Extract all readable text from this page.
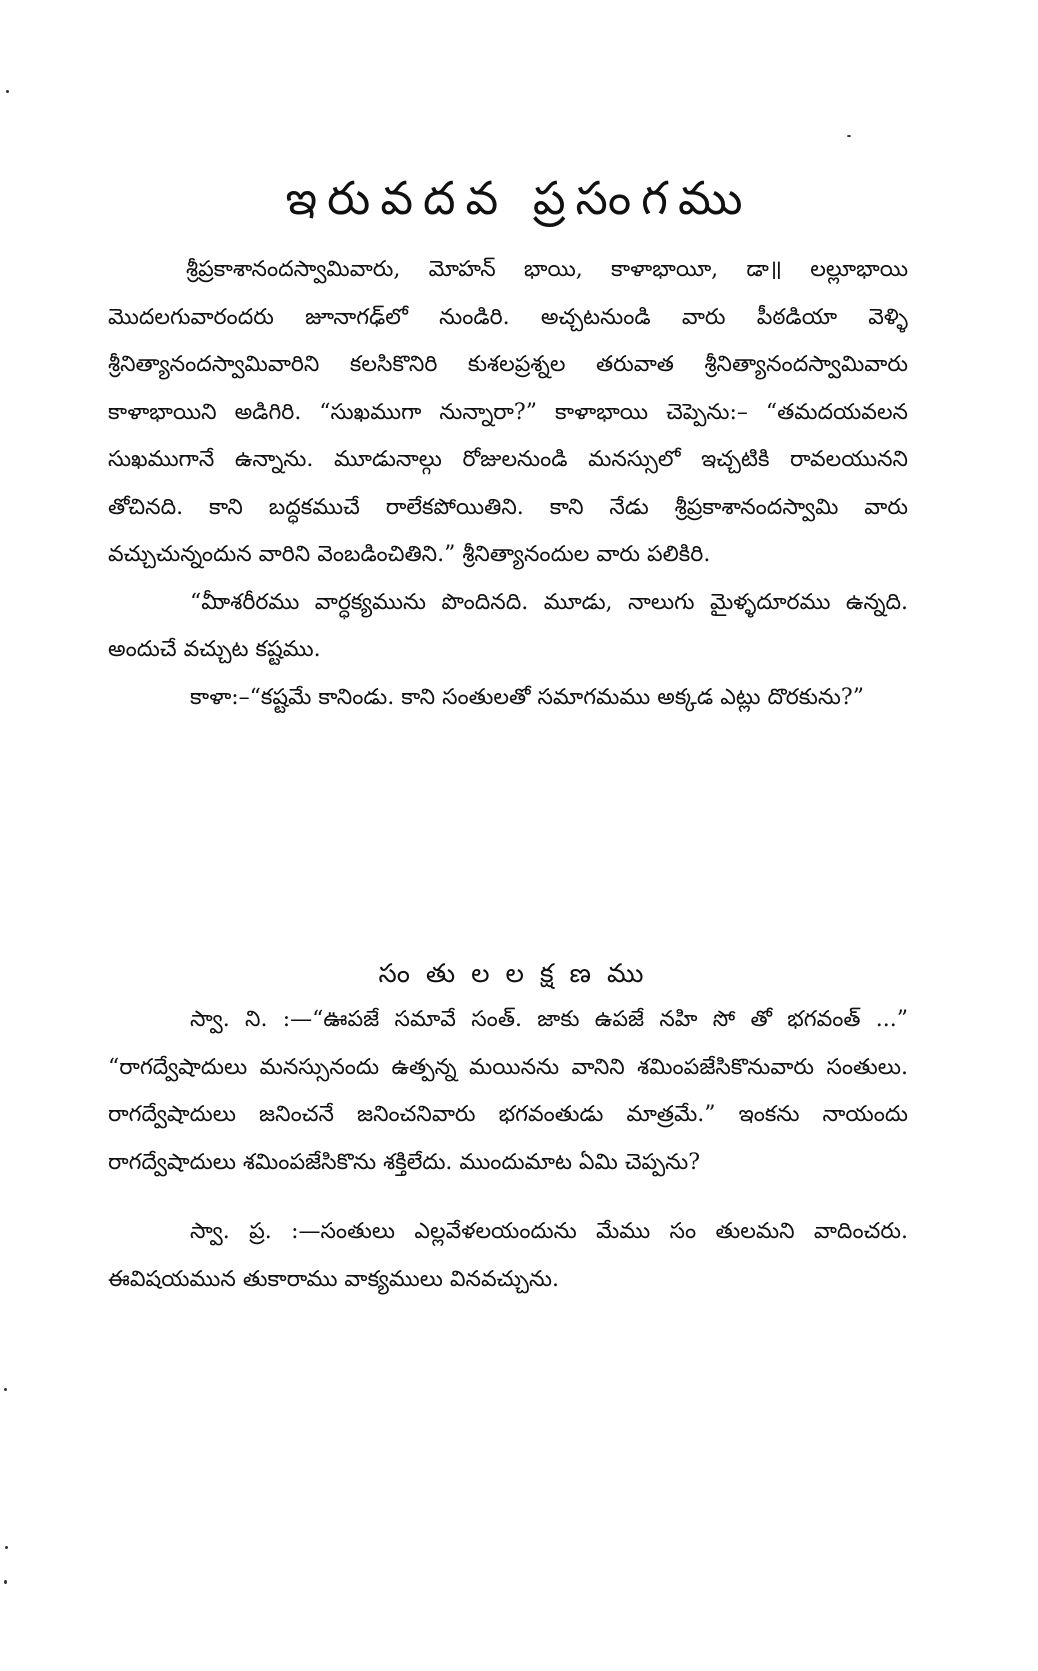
ఇరువదవ ప్రసంగము

శ్రీప్రకాశానందస్వామివారు, మోహన్ భాయి, కాళాభాయీ, డా॥ లల్లూభాయి మొదలగువారందరు జూనాగఢ్‌లో నుండిరి. అచ్చటనుండి వారు పీఠడియా వెళ్ళి శ్రీనిత్యానందస్వామివారిని కలసికొనిరి కుశలప్రశ్నల తరువాత శ్రీనిత్యానందస్వామివారు కాళాభాయిని అడిగిరి. “సుఖముగా నున్నారా?” కాళాభాయి చెప్పెను:– “తమదయవలన సుఖముగానే ఉన్నాను. మూడునాల్గు రోజులనుండి మనస్సులో ఇచ్చటికి రావలయునని తోచినది. కాని బద్ధకముచే రాలేకపోయితిని. కాని నేడు శ్రీప్రకాశానందస్వామి వారు వచ్చుచున్నందున వారిని వెంబడించితిని.” శ్రీనిత్యానందుల వారు పలికిరి.

“మీాశరీరము వార్ధక్యమును పొందినది. మూడు, నాలుగు మైళ్ళదూరము ఉన్నది. అందుచే వచ్చుట కష్టము.

కాళా:–“కష్టమే కానిండు. కాని సంతులతో సమాగమము అక్కడ ఎట్లు దొరకును?”

సంతులలక్షణము

స్వా. ని. :—“ఊపజే సమావే సంత్. జాకు ఉపజే నహి సో తో భగవంత్ ...” “రాగద్వేషాదులు మనస్సునందు ఉత్పన్న మయినను వానిని శమింపజేసికొనువారు సంతులు. రాగద్వేషాదులు జనించనే జనించనివారు భగవంతుడు మాత్రమే.” ఇంకను నాయందు రాగద్వేషాదులు శమింపజేసికొను శక్తిలేదు. ముందుమాట ఏమి చెప్పను?

స్వా. ప్ర. :—సంతులు ఎల్లవేళలయందును మేము సం తులమని వాదించరు. ఈవిషయమున తుకారాము వాక్యములు వినవచ్చును.
